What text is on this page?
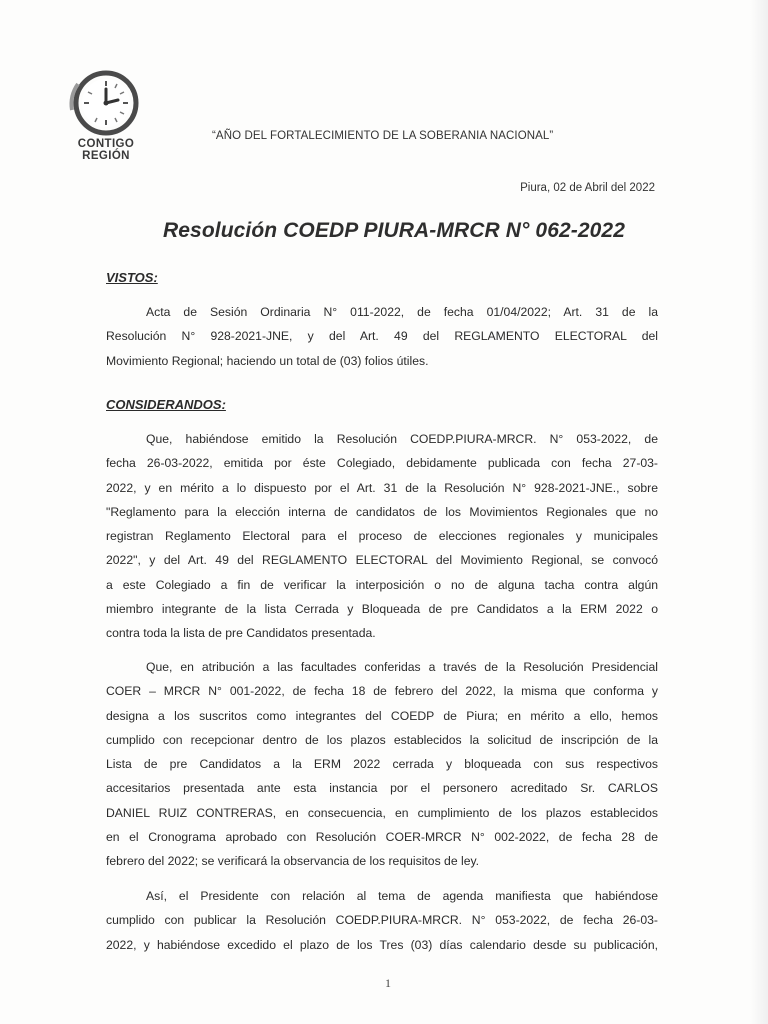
CONTIGO
REGIÓN
“AÑO DEL FORTALECIMIENTO DE LA SOBERANIA NACIONAL”
Piura, 02 de Abril del 2022
Resolución COEDP PIURA-MRCR N° 062-2022
VISTOS:
Acta de Sesión Ordinaria N° 011-2022, de fecha 01/04/2022; Art. 31 de la
Resolución N° 928-2021-JNE, y del Art. 49 del REGLAMENTO ELECTORAL del
Movimiento Regional; haciendo un total de (03) folios útiles.
CONSIDERANDOS:
Que, habiéndose emitido la Resolución COEDP.PIURA-MRCR. N° 053-2022, de
fecha 26-03-2022, emitida por éste Colegiado, debidamente publicada con fecha 27-03-
2022, y en mérito a lo dispuesto por el Art. 31 de la Resolución N° 928-2021-JNE., sobre
"Reglamento para la elección interna de candidatos de los Movimientos Regionales que no
registran Reglamento Electoral para el proceso de elecciones regionales y municipales
2022", y del Art. 49 del REGLAMENTO ELECTORAL del Movimiento Regional, se convocó
a este Colegiado a fin de verificar la interposición o no de alguna tacha contra algún
miembro integrante de la lista Cerrada y Bloqueada de pre Candidatos a la ERM 2022 o
contra toda la lista de pre Candidatos presentada.
Que, en atribución a las facultades conferidas a través de la Resolución Presidencial
COER – MRCR N° 001-2022, de fecha 18 de febrero del 2022, la misma que conforma y
designa a los suscritos como integrantes del COEDP de Piura; en mérito a ello, hemos
cumplido con recepcionar dentro de los plazos establecidos la solicitud de inscripción de la
Lista de pre Candidatos a la ERM 2022 cerrada y bloqueada con sus respectivos
accesitarios presentada ante esta instancia por el personero acreditado Sr. CARLOS
DANIEL RUIZ CONTRERAS, en consecuencia, en cumplimiento de los plazos establecidos
en el Cronograma aprobado con Resolución COER-MRCR N° 002-2022, de fecha 28 de
febrero del 2022; se verificará la observancia de los requisitos de ley.
Así, el Presidente con relación al tema de agenda manifiesta que habiéndose
cumplido con publicar la Resolución COEDP.PIURA-MRCR. N° 053-2022, de fecha 26-03-
2022, y habiéndose excedido el plazo de los Tres (03) días calendario desde su publicación,
1
